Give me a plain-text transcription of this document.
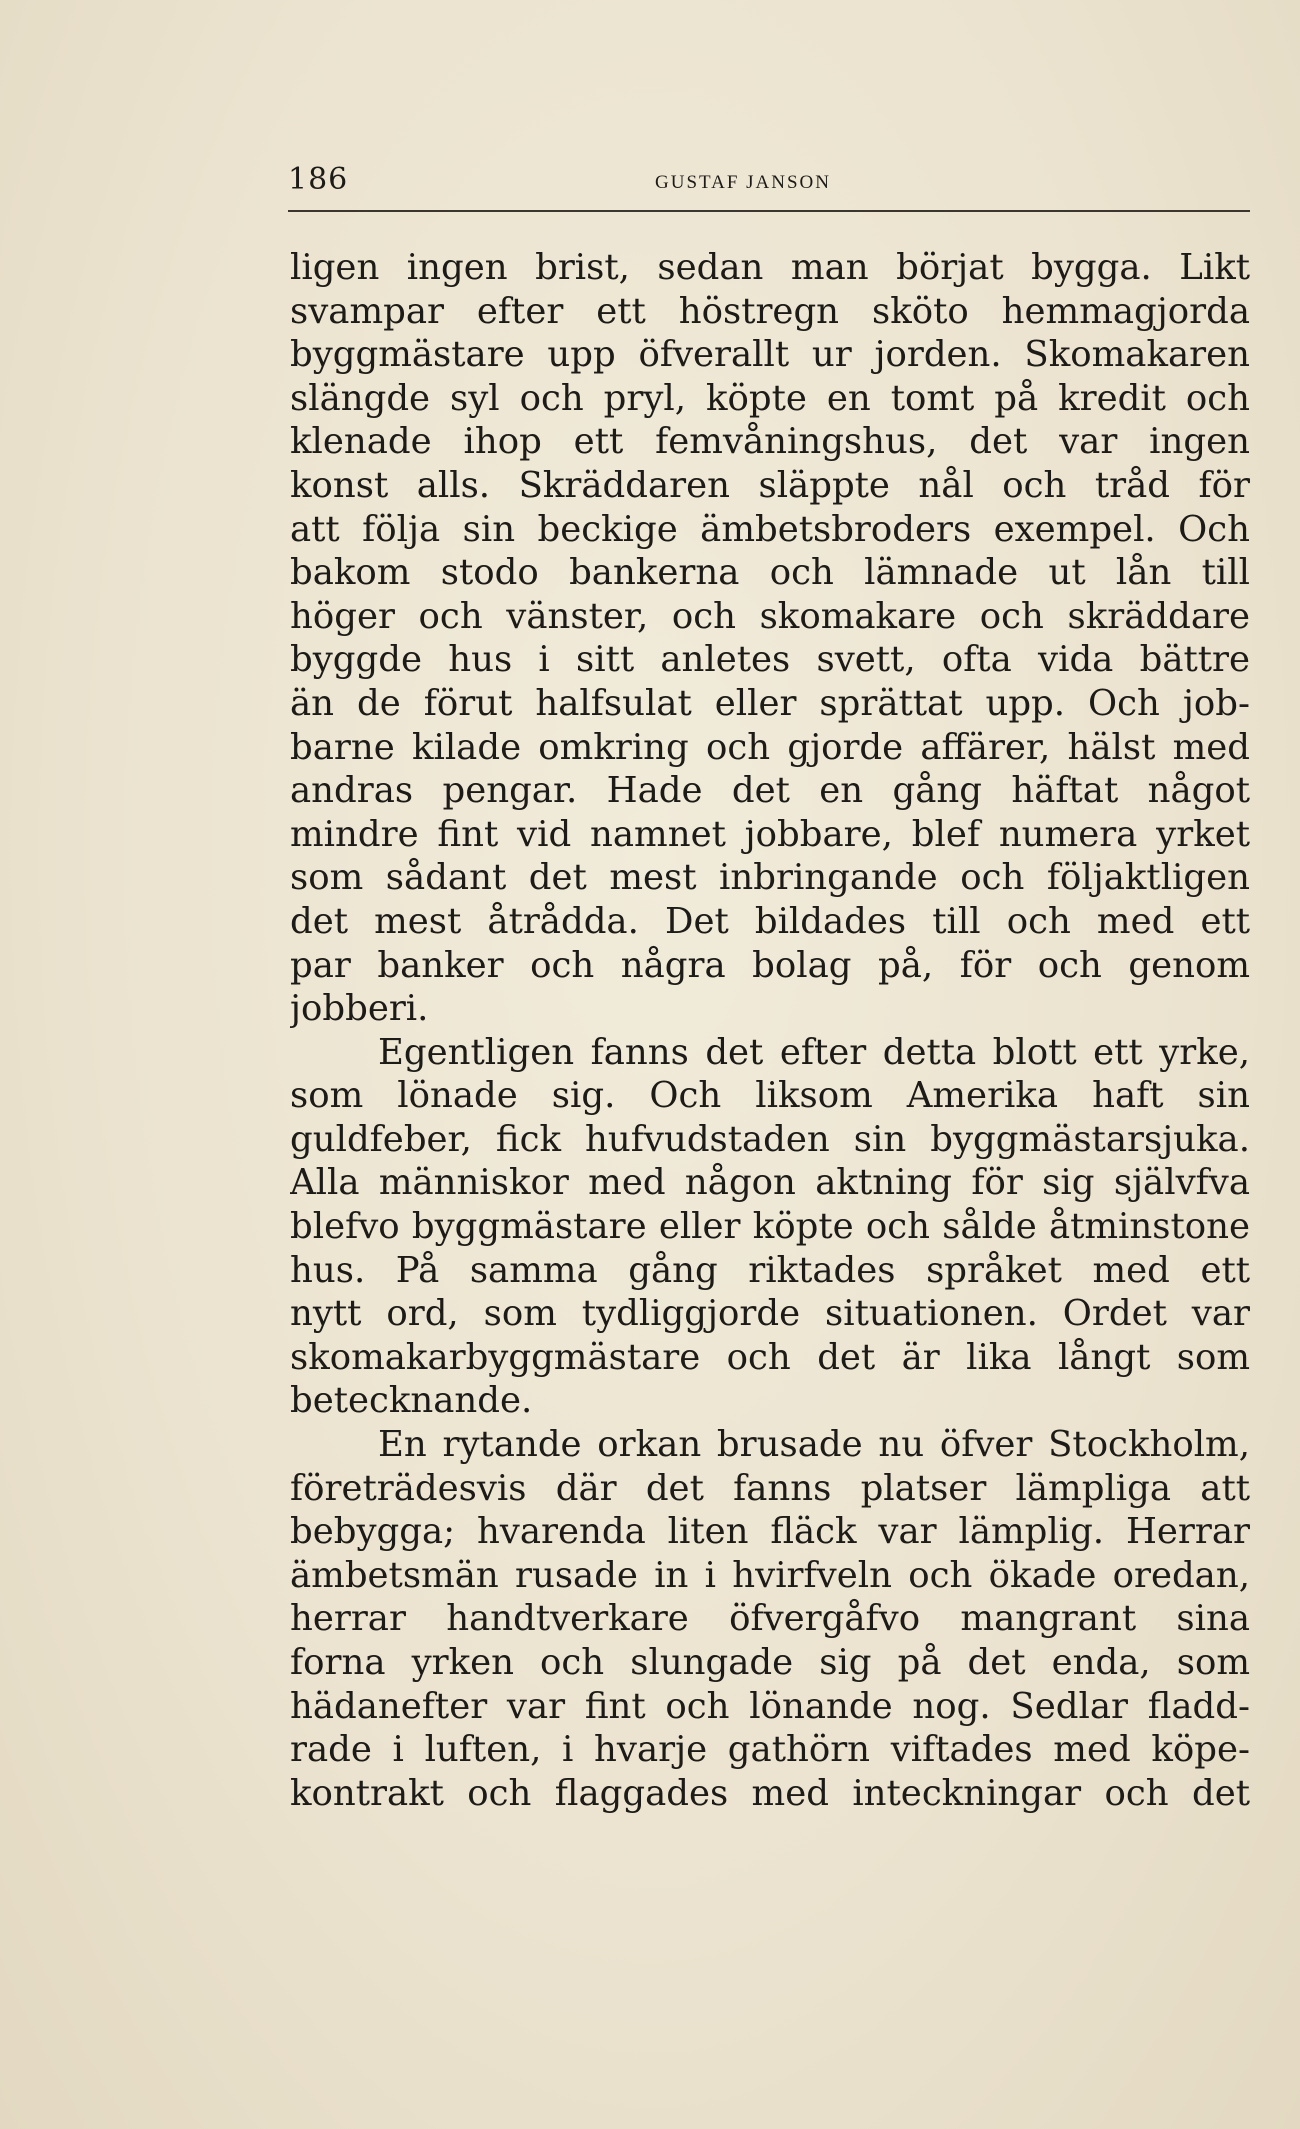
186	GUSTAF JANSON
ligen ingen brist, sedan man börjat bygga. Likt
svampar efter ett höstregn sköto hemmagjorda
byggmästare upp öfverallt ur jorden. Skomakaren
slängde syl och pryl, köpte en tomt på kredit och
klenade ihop ett femvåningshus, det var ingen
konst alls. Skräddaren släppte nål och tråd för
att följa sin beckige ämbetsbroders exempel. Och
bakom stodo bankerna och lämnade ut lån till
höger och vänster, och skomakare och skräddare
byggde hus i sitt anletes svett, ofta vida bättre
än de förut halfsulat eller sprättat upp. Och job-
barne kilade omkring och gjorde affärer, hälst med
andras pengar. Hade det en gång häftat något
mindre fint vid namnet jobbare, blef numera yrket
som sådant det mest inbringande och följaktligen
det mest åtrådda. Det bildades till och med ett
par banker och några bolag på, för och genom
jobberi.
Egentligen fanns det efter detta blott ett yrke,
som lönade sig. Och liksom Amerika haft sin
guldfeber, fick hufvudstaden sin byggmästarsjuka.
Alla människor med någon aktning för sig självfva
blefvo byggmästare eller köpte och sålde åtminstone
hus. På samma gång riktades språket med ett
nytt ord, som tydliggjorde situationen. Ordet var
skomakarbyggmästare och det är lika långt som
betecknande.
En rytande orkan brusade nu öfver Stockholm,
företrädesvis där det fanns platser lämpliga att
bebygga; hvarenda liten fläck var lämplig. Herrar
ämbetsmän rusade in i hvirfveln och ökade oredan,
herrar handtverkare öfvergåfvo mangrant sina
forna yrken och slungade sig på det enda, som
hädanefter var fint och lönande nog. Sedlar fladd-
rade i luften, i hvarje gathörn viftades med köpe-
kontrakt och flaggades med inteckningar och det
